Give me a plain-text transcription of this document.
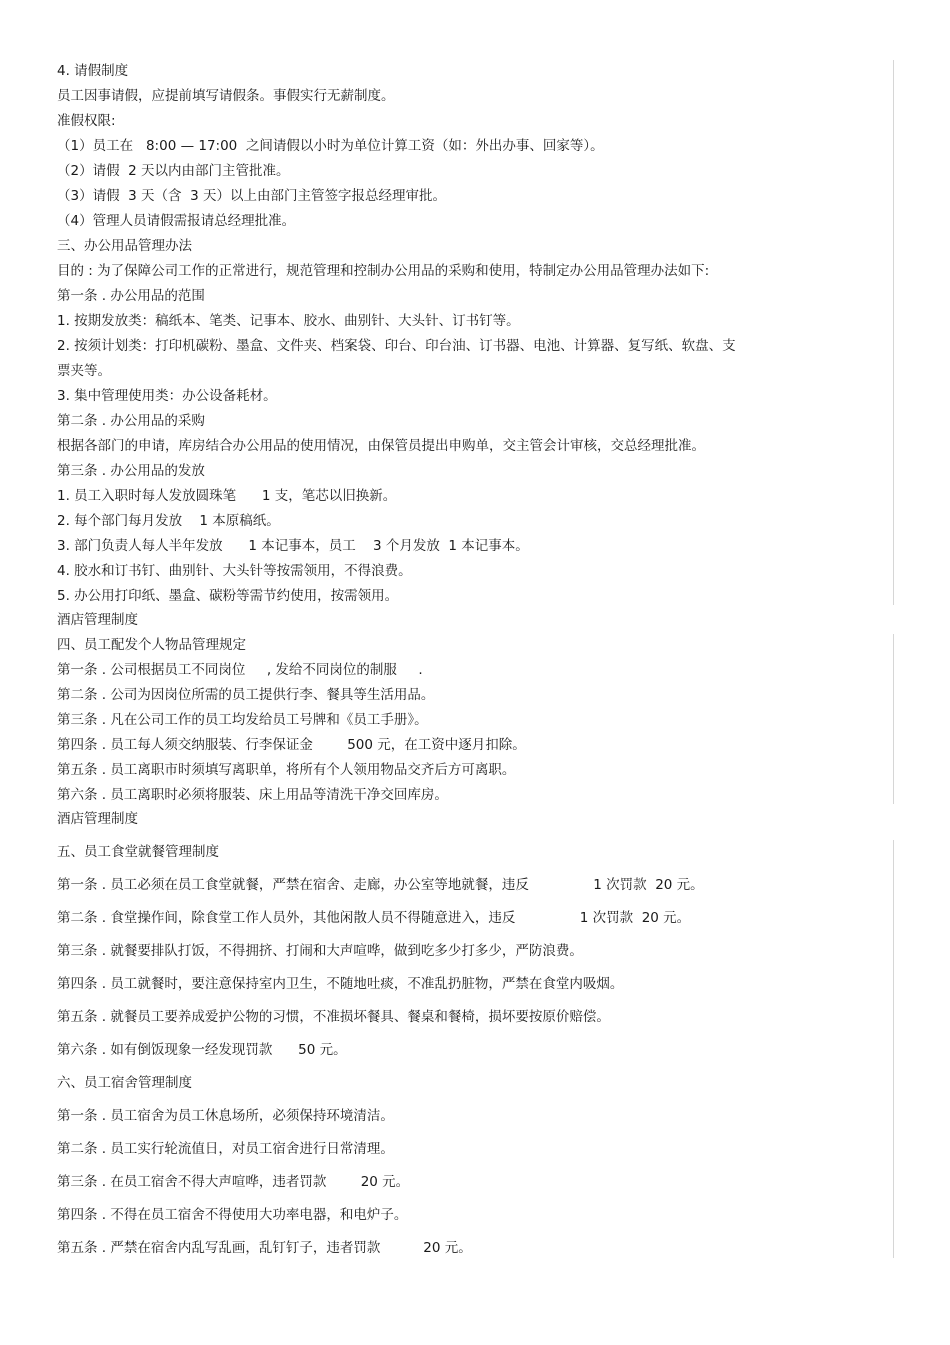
4. 请假制度
员工因事请假，应提前填写请假条。事假实行无薪制度。
准假权限:
（1）员工在   8:00 — 17:00  之间请假以小时为单位计算工资（如：外出办事、回家等）。
（2）请假  2 天以内由部门主管批准。
（3）请假  3 天（含  3 天）以上由部门主管签字报总经理审批。
（4）管理人员请假需报请总经理批准。
三、办公用品管理办法
目的 : 为了保障公司工作的正常进行，规范管理和控制办公用品的采购和使用，特制定办公用品管理办法如下:
第一条 . 办公用品的范围
1. 按期发放类：稿纸本、笔类、记事本、胶水、曲别针、大头针、订书钉等。
2. 按须计划类：打印机碳粉、墨盒、文件夹、档案袋、印台、印台油、订书器、电池、计算器、复写纸、软盘、支
票夹等。
3. 集中管理使用类：办公设备耗材。
第二条 . 办公用品的采购
根据各部门的申请，库房结合办公用品的使用情况，由保管员提出申购单，交主管会计审核，交总经理批准。
第三条 . 办公用品的发放
1. 员工入职时每人发放圆珠笔      1 支，笔芯以旧换新。
2. 每个部门每月发放    1 本原稿纸。
3. 部门负责人每人半年发放      1 本记事本，员工    3 个月发放  1 本记事本。
4. 胶水和订书钉、曲别针、大头针等按需领用，不得浪费。
5. 办公用打印纸、墨盒、碳粉等需节约使用，按需领用。
酒店管理制度
四、员工配发个人物品管理规定
第一条 . 公司根据员工不同岗位     , 发给不同岗位的制服     .
第二条 . 公司为因岗位所需的员工提供行李、餐具等生活用品。
第三条 . 凡在公司工作的员工均发给员工号牌和《员工手册》。
第四条 . 员工每人须交纳服装、行李保证金        500 元，在工资中逐月扣除。
第五条 . 员工离职市时须填写离职单，将所有个人领用物品交齐后方可离职。
第六条 . 员工离职时必须将服装、床上用品等清洗干净交回库房。
酒店管理制度
五、员工食堂就餐管理制度
第一条 . 员工必须在员工食堂就餐，严禁在宿舍、走廊，办公室等地就餐，违反               1 次罚款  20 元。
第二条 . 食堂操作间，除食堂工作人员外，其他闲散人员不得随意进入，违反               1 次罚款  20 元。
第三条 . 就餐要排队打饭，不得拥挤、打闹和大声喧哗，做到吃多少打多少，严防浪费。
第四条 . 员工就餐时，要注意保持室内卫生，不随地吐痰，不准乱扔脏物，严禁在食堂内吸烟。
第五条 . 就餐员工要养成爱护公物的习惯，不准损坏餐具、餐桌和餐椅，损坏要按原价赔偿。
第六条 . 如有倒饭现象一经发现罚款      50 元。
六、员工宿舍管理制度
第一条 . 员工宿舍为员工休息场所，必须保持环境清洁。
第二条 . 员工实行轮流值日，对员工宿舍进行日常清理。
第三条 . 在员工宿舍不得大声喧哗，违者罚款        20 元。
第四条 . 不得在员工宿舍不得使用大功率电器，和电炉子。
第五条 . 严禁在宿舍内乱写乱画，乱钉钉子，违者罚款          20 元。
